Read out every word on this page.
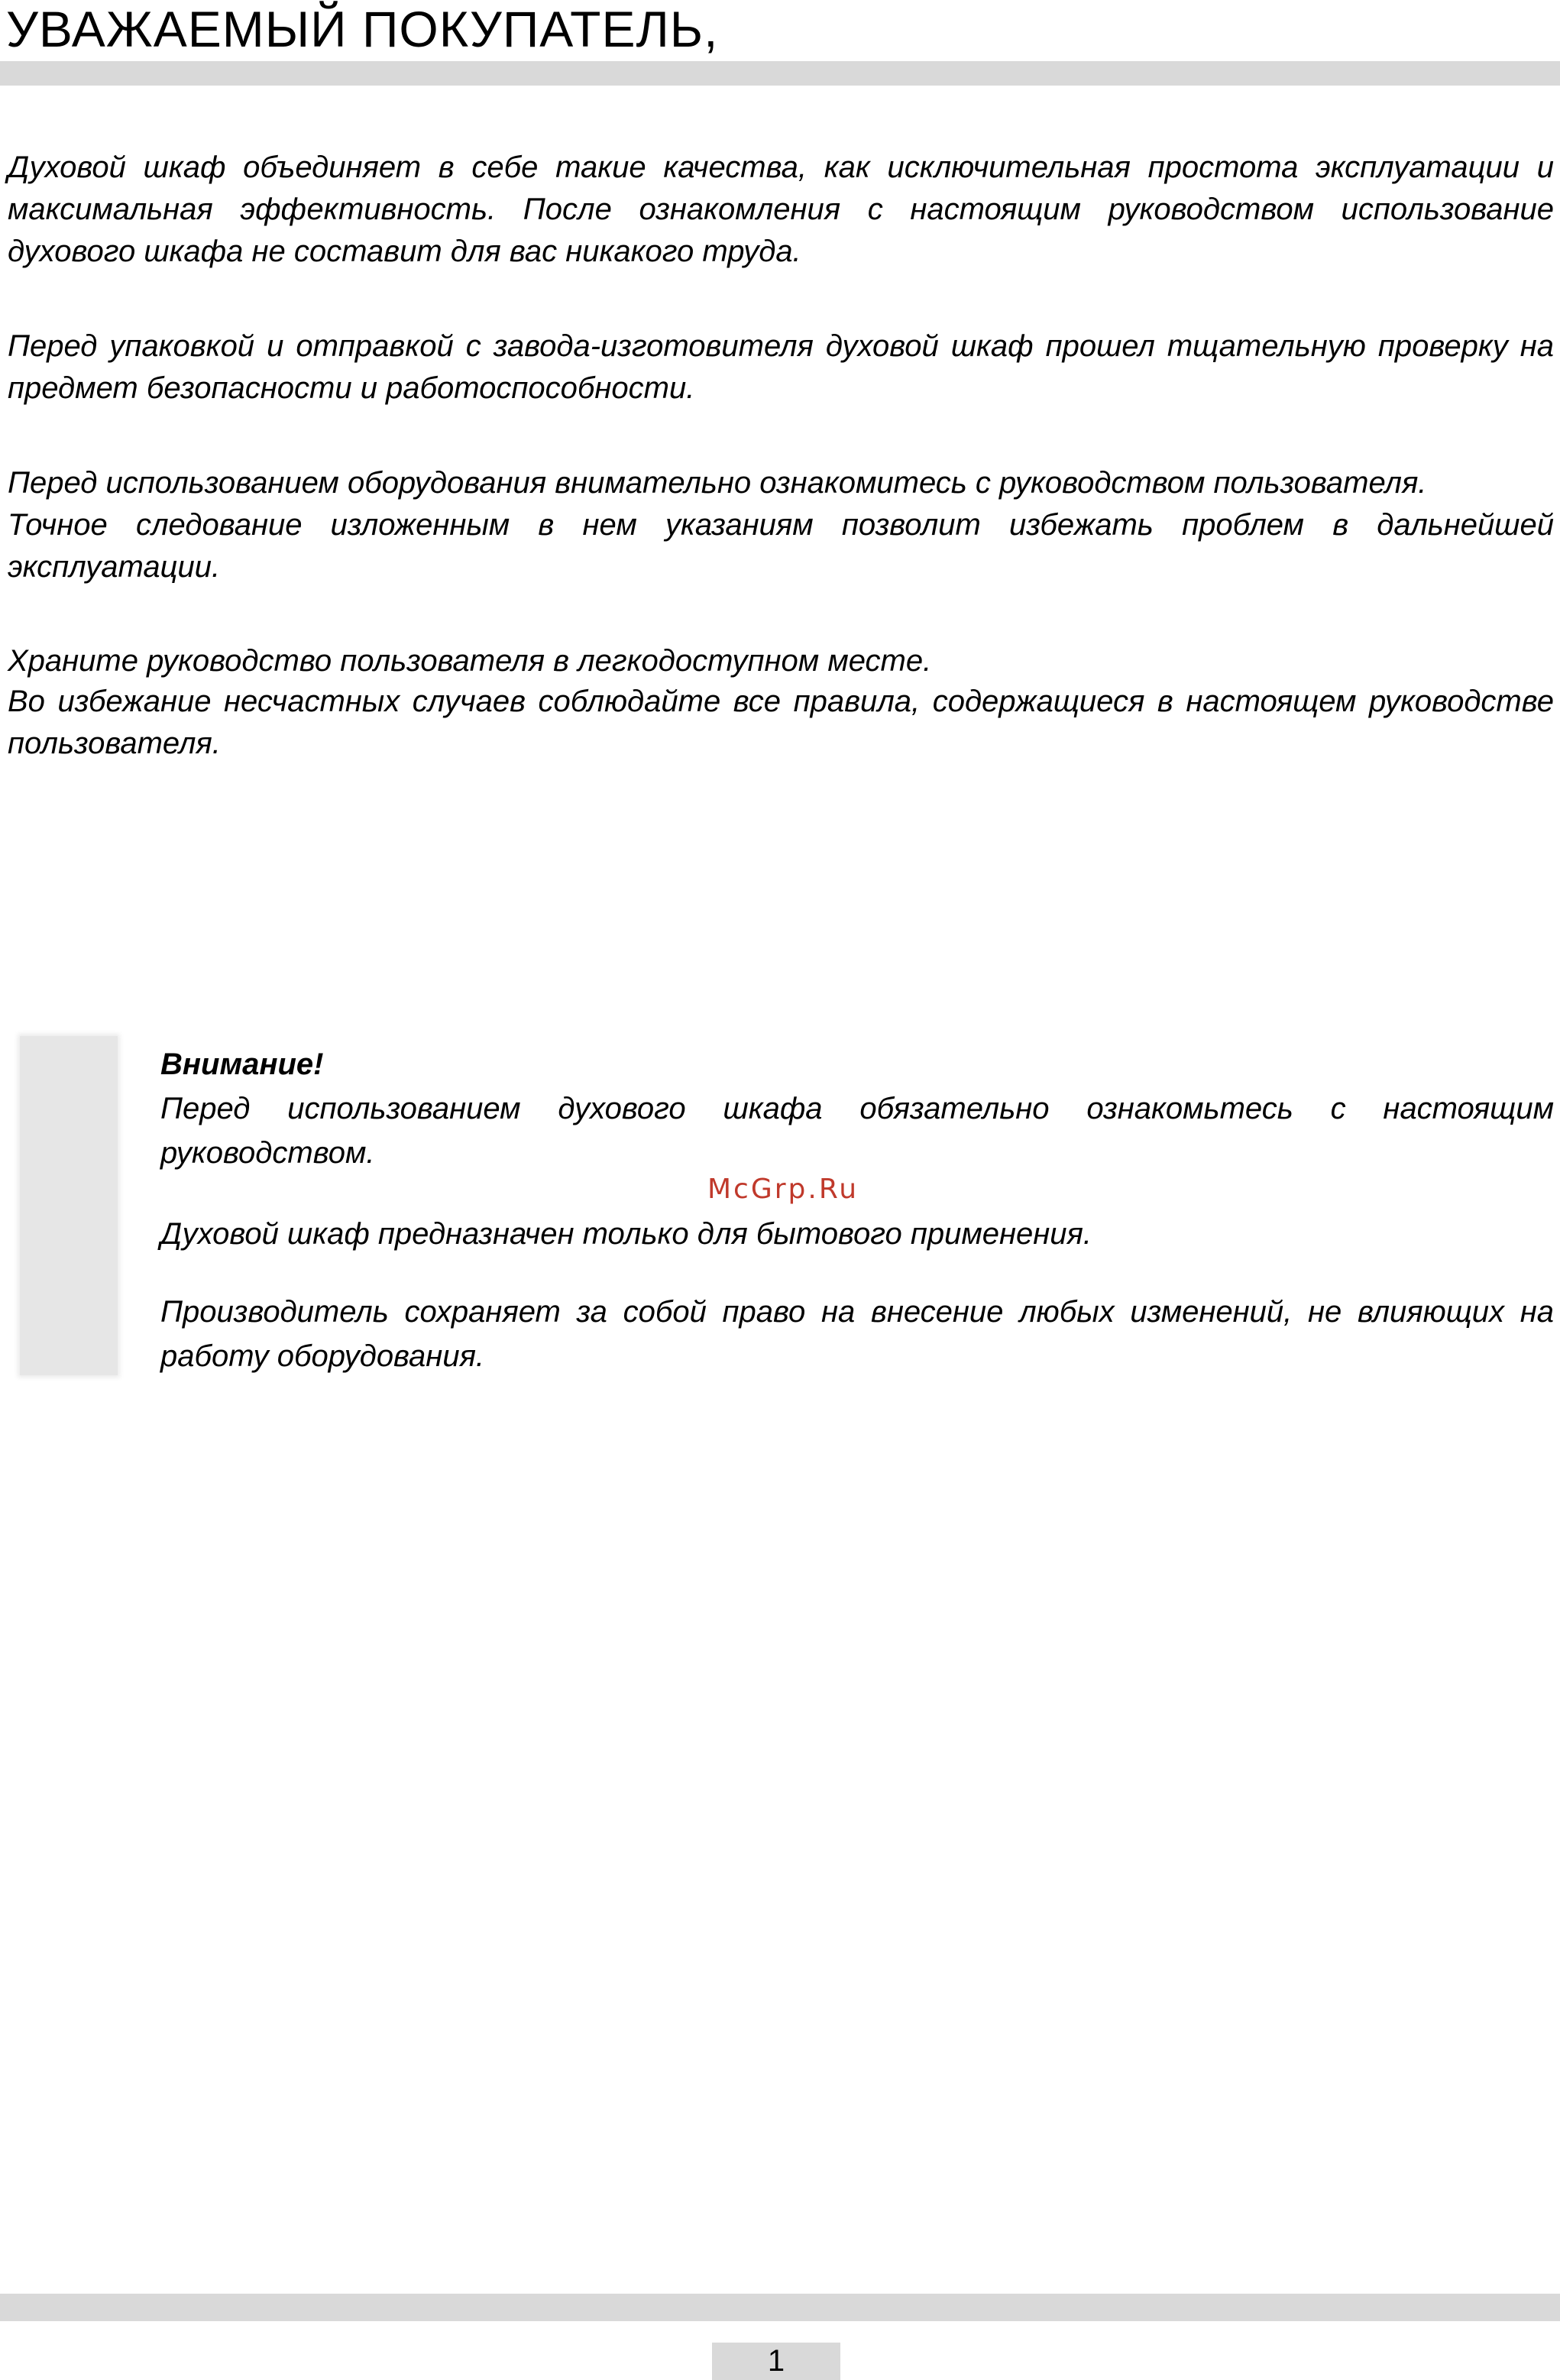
УВАЖАЕМЫЙ ПОКУПАТЕЛЬ,

Духовой шкаф объединяет в себе такие качества, как исключительная простота эксплуатации и максимальная эффективность. После ознакомления с настоящим руководством использование духового шкафа не составит для вас никакого труда.

Перед упаковкой и отправкой с завода-изготовителя духовой шкаф прошел тщательную проверку на предмет безопасности и работоспособности.

Перед использованием оборудования внимательно ознакомитесь с руководством пользователя.

Точное следование изложенным в нем указаниям позволит избежать проблем в дальнейшей эксплуатации.

Храните руководство пользователя в легкодоступном месте.

Во избежание несчастных случаев соблюдайте все правила, содержащиеся в настоящем руководстве пользователя.

Внимание!

Перед использованием духового шкафа обязательно ознакомьтесь с настоящим руководством.

Духовой шкаф предназначен только для бытового применения.

Производитель сохраняет за собой право на внесение любых изменений, не влияющих на работу оборудования.

McGrp.Ru
1
